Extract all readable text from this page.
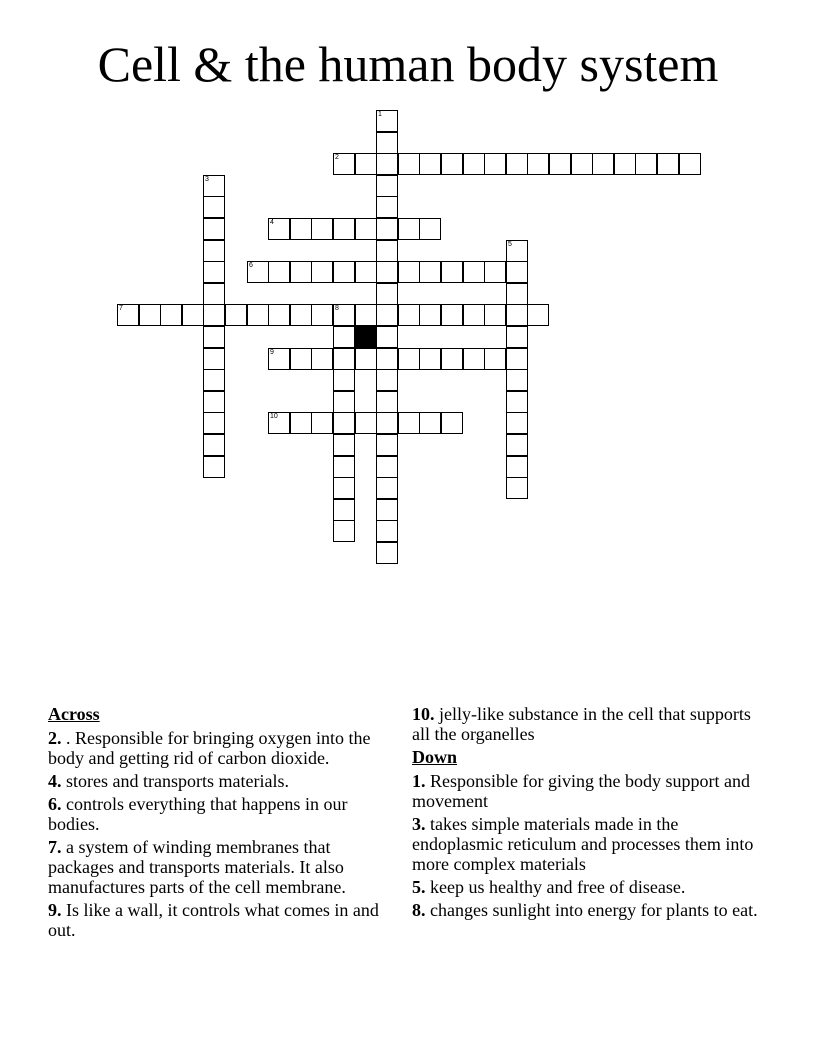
Cell & the human body system
1
2
3
4
5
6
7	8
9
10
Across
2. . Responsible for bringing oxygen into the body and getting rid of carbon dioxide.
4. stores and transports materials.
6. controls everything that happens in our bodies.
7. a system of winding membranes that packages and transports materials. It also manufactures parts of the cell membrane.
9. Is like a wall, it controls what comes in and out.
10. jelly-like substance in the cell that supports all the organelles
Down
1. Responsible for giving the body support and movement
3. takes simple materials made in the endoplasmic reticulum and processes them into more complex materials
5. keep us healthy and free of disease.
8. changes sunlight into energy for plants to eat.
